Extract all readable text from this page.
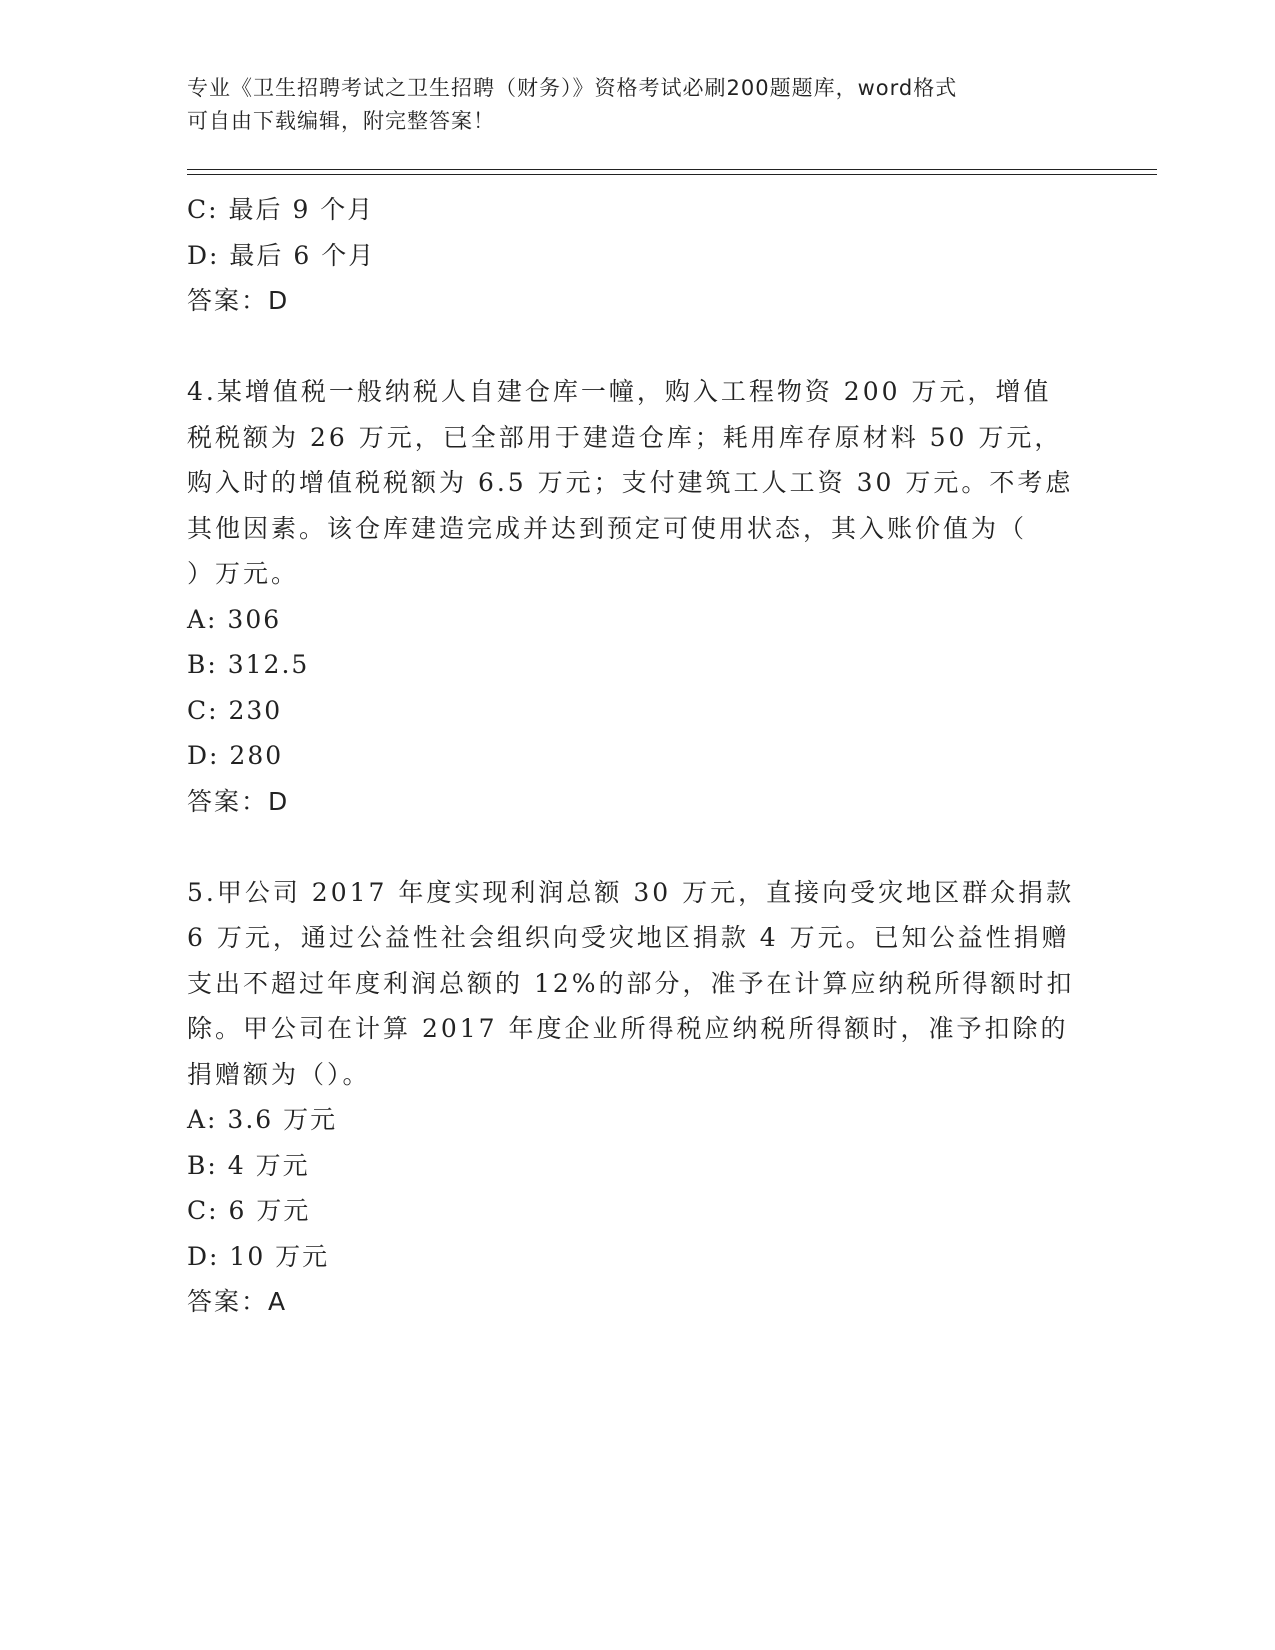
专业《卫生招聘考试之卫生招聘（财务）》资格考试必刷200题题库，word格式
可自由下载编辑，附完整答案！
C: 最后 9 个月
D: 最后 6 个月
答案：D
4.某增值税一般纳税人自建仓库一幢，购入工程物资 200 万元，增值
税税额为 26 万元，已全部用于建造仓库；耗用库存原材料 50 万元，
购入时的增值税税额为 6.5 万元；支付建筑工人工资 30 万元。不考虑
其他因素。该仓库建造完成并达到预定可使用状态，其入账价值为（
）万元。
A: 306
B: 312.5
C: 230
D: 280
答案：D
5.甲公司 2017 年度实现利润总额 30 万元，直接向受灾地区群众捐款
6 万元，通过公益性社会组织向受灾地区捐款 4 万元。已知公益性捐赠
支出不超过年度利润总额的 12%的部分，准予在计算应纳税所得额时扣
除。甲公司在计算 2017 年度企业所得税应纳税所得额时，准予扣除的
捐赠额为（）。
A: 3.6 万元
B: 4 万元
C: 6 万元
D: 10 万元
答案：A
